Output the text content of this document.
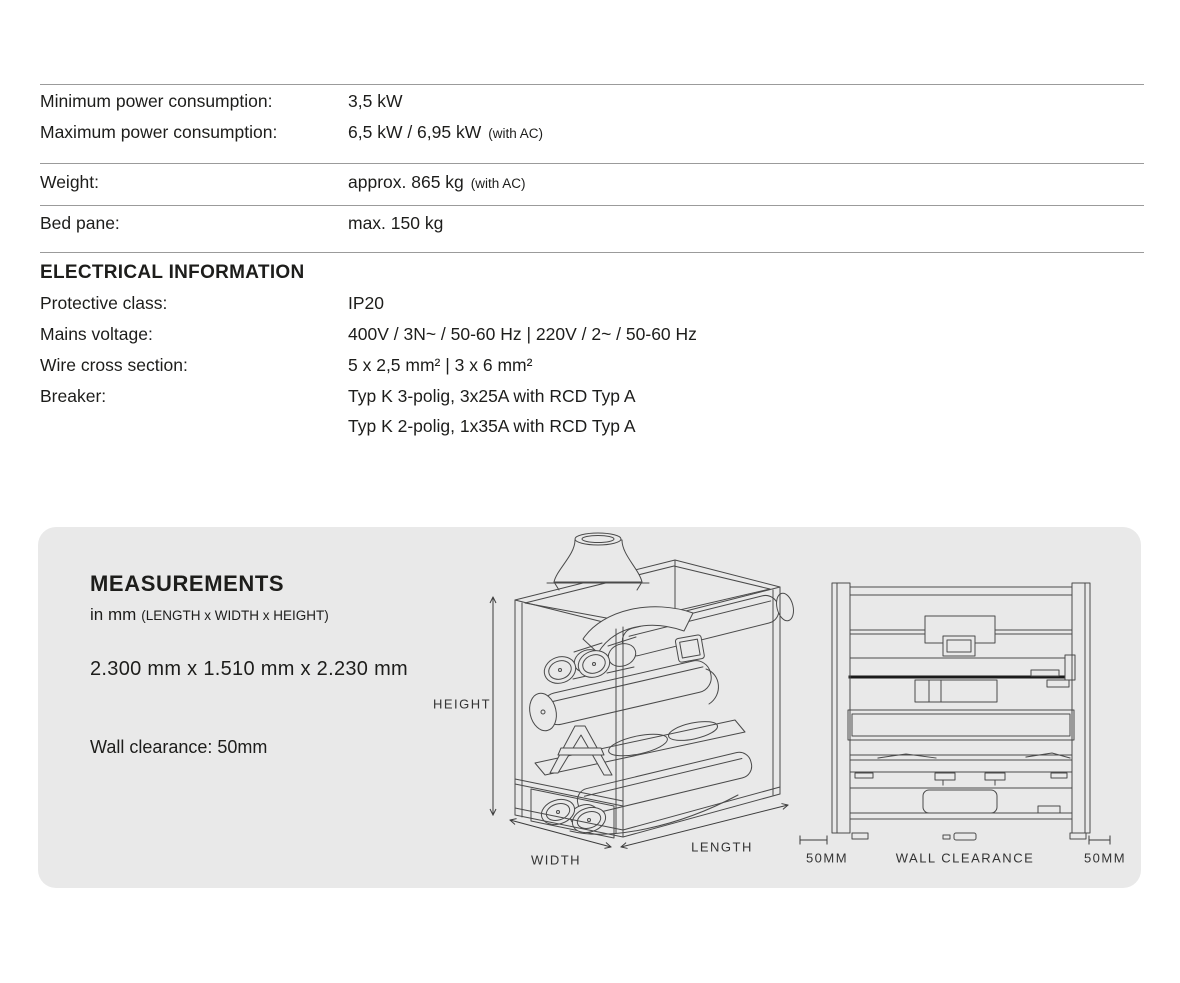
Minimum power consumption:	3,5 kW
Maximum power consumption:	6,5 kW / 6,95 kW (with AC)
Weight:	approx. 865 kg (with AC)
Bed pane:	max. 150 kg
ELECTRICAL INFORMATION
Protective class:	IP20
Mains voltage:	400V / 3N~ / 50-60 Hz | 220V / 2~ / 50-60 Hz
Wire cross section:	5 x 2,5 mm² | 3 x 6 mm²
Breaker:	Typ K 3-polig, 3x25A with RCD Typ A
Typ K 2-polig, 1x35A with RCD Typ A
MEASUREMENTS
in mm (LENGTH x WIDTH x HEIGHT)
2.300 mm x 1.510 mm x 2.230 mm
Wall clearance: 50mm
HEIGHT
WIDTH
LENGTH
50MM	WALL CLEARANCE	50MM
